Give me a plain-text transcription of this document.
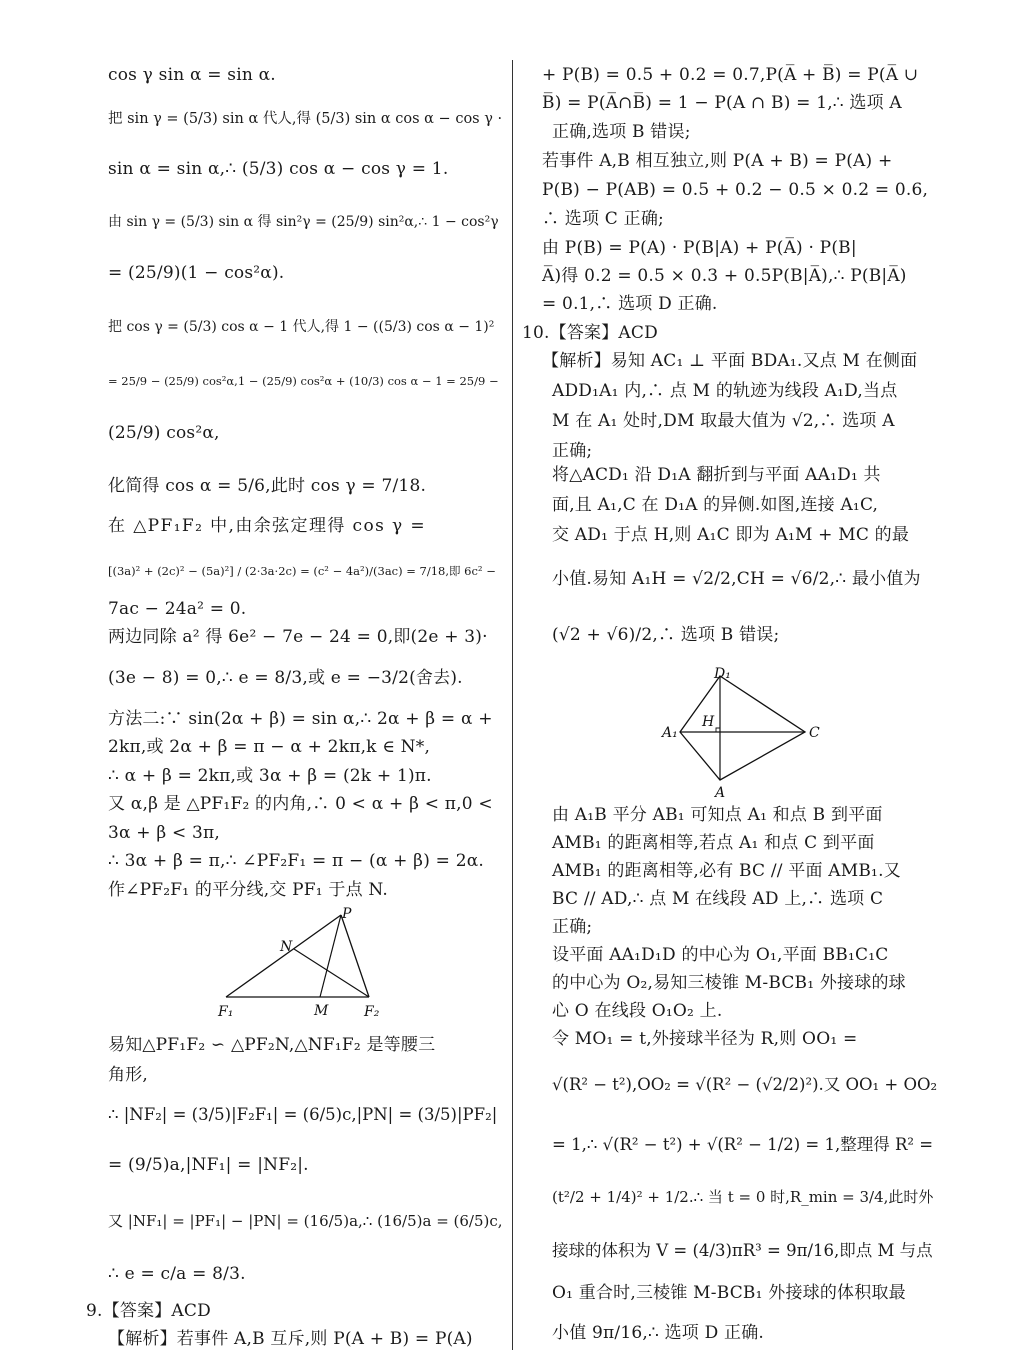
cos γ sin α = sin α.
把 sin γ = (5/3) sin α 代人,得 (5/3) sin α cos α − cos γ ·
sin α = sin α,∴ (5/3) cos α − cos γ = 1.
由 sin γ = (5/3) sin α 得 sin²γ = (25/9) sin²α,∴ 1 − cos²γ
= (25/9)(1 − cos²α).
把 cos γ = (5/3) cos α − 1 代人,得 1 − ((5/3) cos α − 1)²
= 25/9 − (25/9) cos²α,1 − (25/9) cos²α + (10/3) cos α − 1 = 25/9 −
(25/9) cos²α,
化简得 cos α = 5/6,此时 cos γ = 7/18.
在 △PF₁F₂ 中,由余弦定理得 cos γ =
[(3a)² + (2c)² − (5a)²] / (2·3a·2c) = (c² − 4a²)/(3ac) = 7/18,即 6c² −
7ac − 24a² = 0.
两边同除 a² 得 6e² − 7e − 24 = 0,即(2e + 3)·
(3e − 8) = 0,∴ e = 8/3,或 e = −3/2(舍去).
方法二:∵ sin(2α + β) = sin α,∴ 2α + β = α +
2kπ,或 2α + β = π − α + 2kπ,k ∈ N*,
∴ α + β = 2kπ,或 3α + β = (2k + 1)π.
又 α,β 是 △PF₁F₂ 的内角,∴ 0 < α + β < π,0 <
3α + β < 3π,
∴ 3α + β = π,∴ ∠PF₂F₁ = π − (α + β) = 2α.
作∠PF₂F₁ 的平分线,交 PF₁ 于点 N.
P
N
F₁	M	F₂
易知△PF₁F₂ ∽ △PF₂N,△NF₁F₂ 是等腰三
角形,
∴ |NF₂| = (3/5)|F₂F₁| = (6/5)c,|PN| = (3/5)|PF₂|
= (9/5)a,|NF₁| = |NF₂|.
又 |NF₁| = |PF₁| − |PN| = (16/5)a,∴ (16/5)a = (6/5)c,
∴ e = c/a = 8/3.
9.【答案】ACD
【解析】若事件 A,B 互斥,则 P(A + B) = P(A)
+ P(B) = 0.5 + 0.2 = 0.7,P(A̅ + B̅) = P(A̅ ∪
B̅) = P(A̅∩B̅) = 1 − P(A ∩ B) = 1,∴ 选项 A
正确,选项 B 错误;
若事件 A,B 相互独立,则 P(A + B) = P(A) +
P(B) − P(AB) = 0.5 + 0.2 − 0.5 × 0.2 = 0.6,
∴ 选项 C 正确;
由 P(B) = P(A) · P(B|A) + P(A̅) · P(B|
A̅)得 0.2 = 0.5 × 0.3 + 0.5P(B|A̅),∴ P(B|A̅)
= 0.1,∴ 选项 D 正确.
10.【答案】ACD
【解析】易知 AC₁ ⊥ 平面 BDA₁.又点 M 在侧面
ADD₁A₁ 内,∴ 点 M 的轨迹为线段 A₁D,当点
M 在 A₁ 处时,DM 取最大值为 √2,∴ 选项 A
正确;
将△ACD₁ 沿 D₁A 翻折到与平面 AA₁D₁ 共
面,且 A₁,C 在 D₁A 的异侧.如图,连接 A₁C,
交 AD₁ 于点 H,则 A₁C 即为 A₁M + MC 的最
小值.易知 A₁H = √2/2,CH = √6/2,∴ 最小值为
(√2 + √6)/2,∴ 选项 B 错误;
D₁
H
A₁	C
A
由 A₁B 平分 AB₁ 可知点 A₁ 和点 B 到平面
AMB₁ 的距离相等,若点 A₁ 和点 C 到平面
AMB₁ 的距离相等,必有 BC // 平面 AMB₁.又
BC // AD,∴ 点 M 在线段 AD 上,∴ 选项 C
正确;
设平面 AA₁D₁D 的中心为 O₁,平面 BB₁C₁C
的中心为 O₂,易知三棱锥 M-BCB₁ 外接球的球
心 O 在线段 O₁O₂ 上.
令 MO₁ = t,外接球半径为 R,则 OO₁ =
√(R² − t²),OO₂ = √(R² − (√2/2)²).又 OO₁ + OO₂
= 1,∴ √(R² − t²) + √(R² − 1/2) = 1,整理得 R² =
(t²/2 + 1/4)² + 1/2.∴ 当 t = 0 时,R_min = 3/4,此时外
接球的体积为 V = (4/3)πR³ = 9π/16,即点 M 与点
O₁ 重合时,三棱锥 M-BCB₁ 外接球的体积取最
小值 9π/16,∴ 选项 D 正确.
